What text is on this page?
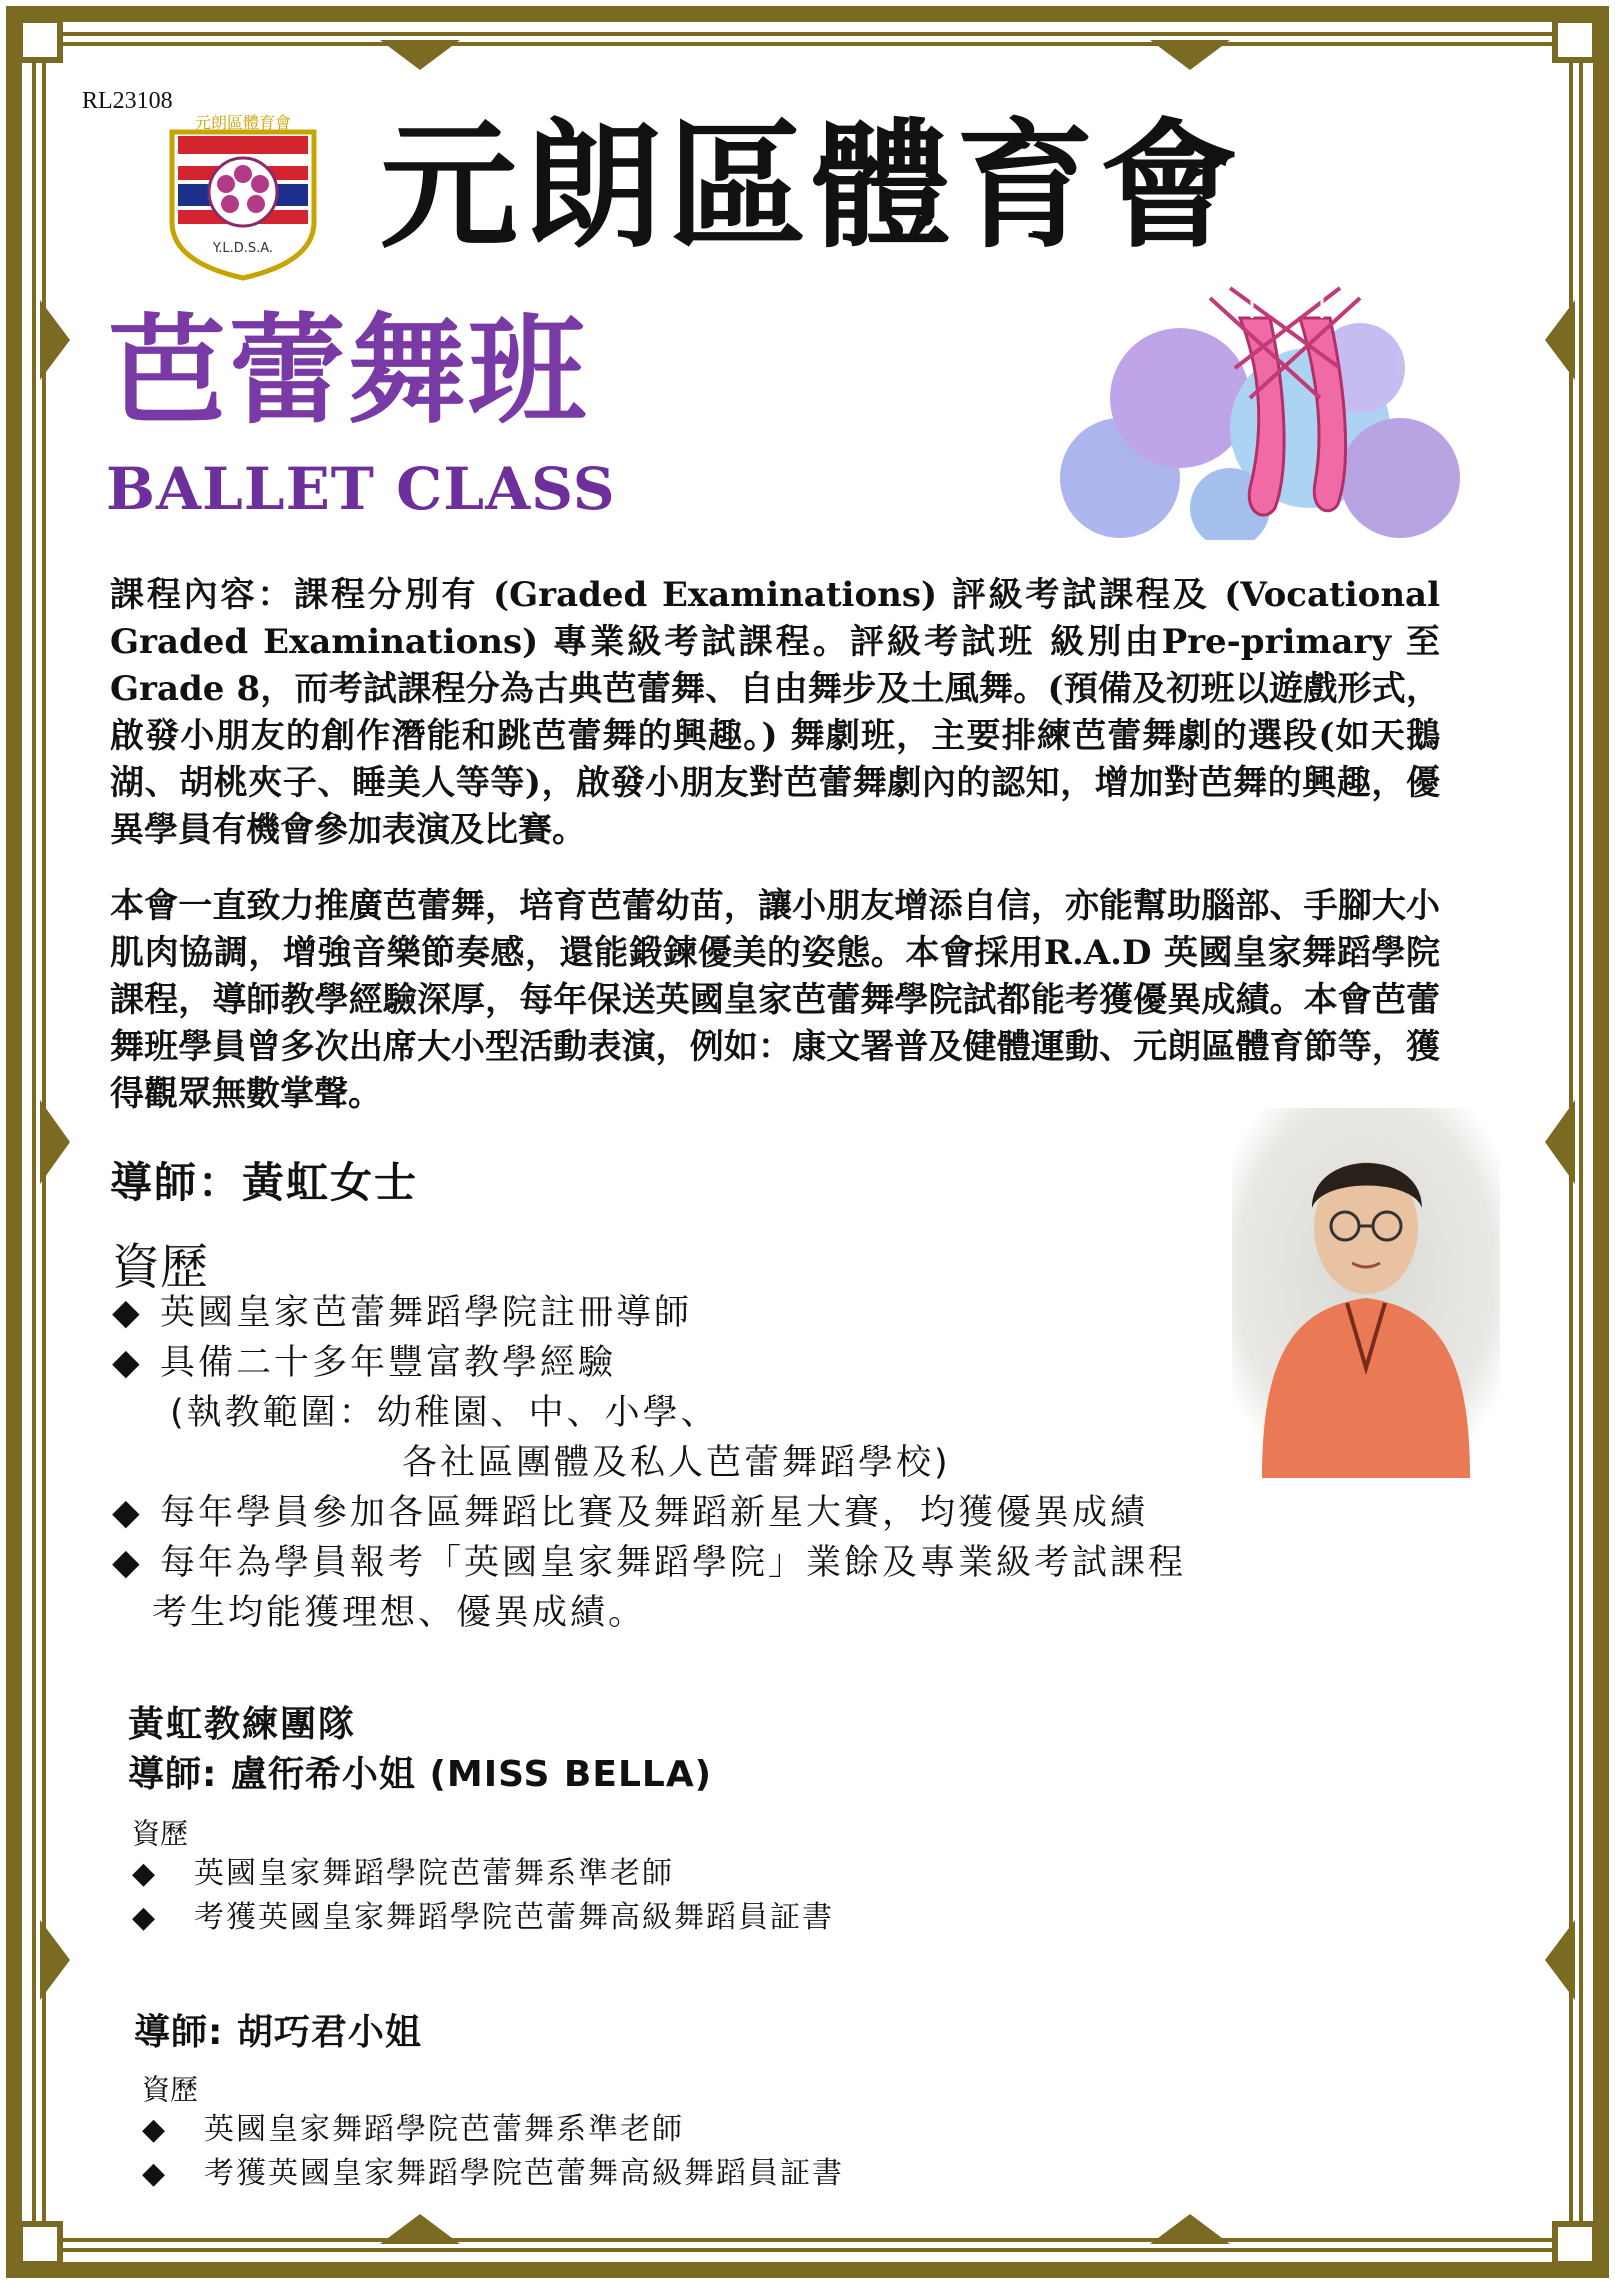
RL23108
元朗區體育會
Y.L.D.S.A. 元朗區體育會
芭蕾舞班
BALLET CLASS

課程內容：課程分別有 (Graded Examinations) 評級考試課程及 (Vocational Graded Examinations) 專業級考試課程。評級考試班 級別由Pre-primary 至 Grade 8，而考試課程分為古典芭蕾舞、自由舞步及土風舞。(預備及初班以遊戲形式，啟發小朋友的創作潛能和跳芭蕾舞的興趣。) 舞劇班，主要排練芭蕾舞劇的選段(如天鵝湖、胡桃夾子、睡美人等等)，啟發小朋友對芭蕾舞劇內的認知，增加對芭舞的興趣，優異學員有機會參加表演及比賽。

本會一直致力推廣芭蕾舞，培育芭蕾幼苗，讓小朋友增添自信，亦能幫助腦部、手腳大小肌肉協調，增強音樂節奏感，還能鍛鍊優美的姿態。本會採用R.A.D 英國皇家舞蹈學院課程，導師教學經驗深厚，每年保送英國皇家芭蕾舞學院試都能考獲優異成績。本會芭蕾舞班學員曾多次出席大小型活動表演，例如：康文署普及健體運動、元朗區體育節等，獲得觀眾無數掌聲。

導師：黃虹女士
資歷
◆ 英國皇家芭蕾舞蹈學院註冊導師
◆ 具備二十多年豐富教學經驗
(執教範圍：幼稚園、中、小學、
各社區團體及私人芭蕾舞蹈學校)
◆ 每年學員參加各區舞蹈比賽及舞蹈新星大賽，均獲優異成績
◆ 每年為學員報考「英國皇家舞蹈學院」業餘及專業級考試課程
考生均能獲理想、優異成績。
黃虹教練團隊
導師: 盧衎希小姐 (MISS BELLA)
資歷
◆ 英國皇家舞蹈學院芭蕾舞系準老師
◆ 考獲英國皇家舞蹈學院芭蕾舞高級舞蹈員証書
導師: 胡巧君小姐
資歷
◆ 英國皇家舞蹈學院芭蕾舞系準老師
◆ 考獲英國皇家舞蹈學院芭蕾舞高級舞蹈員証書
